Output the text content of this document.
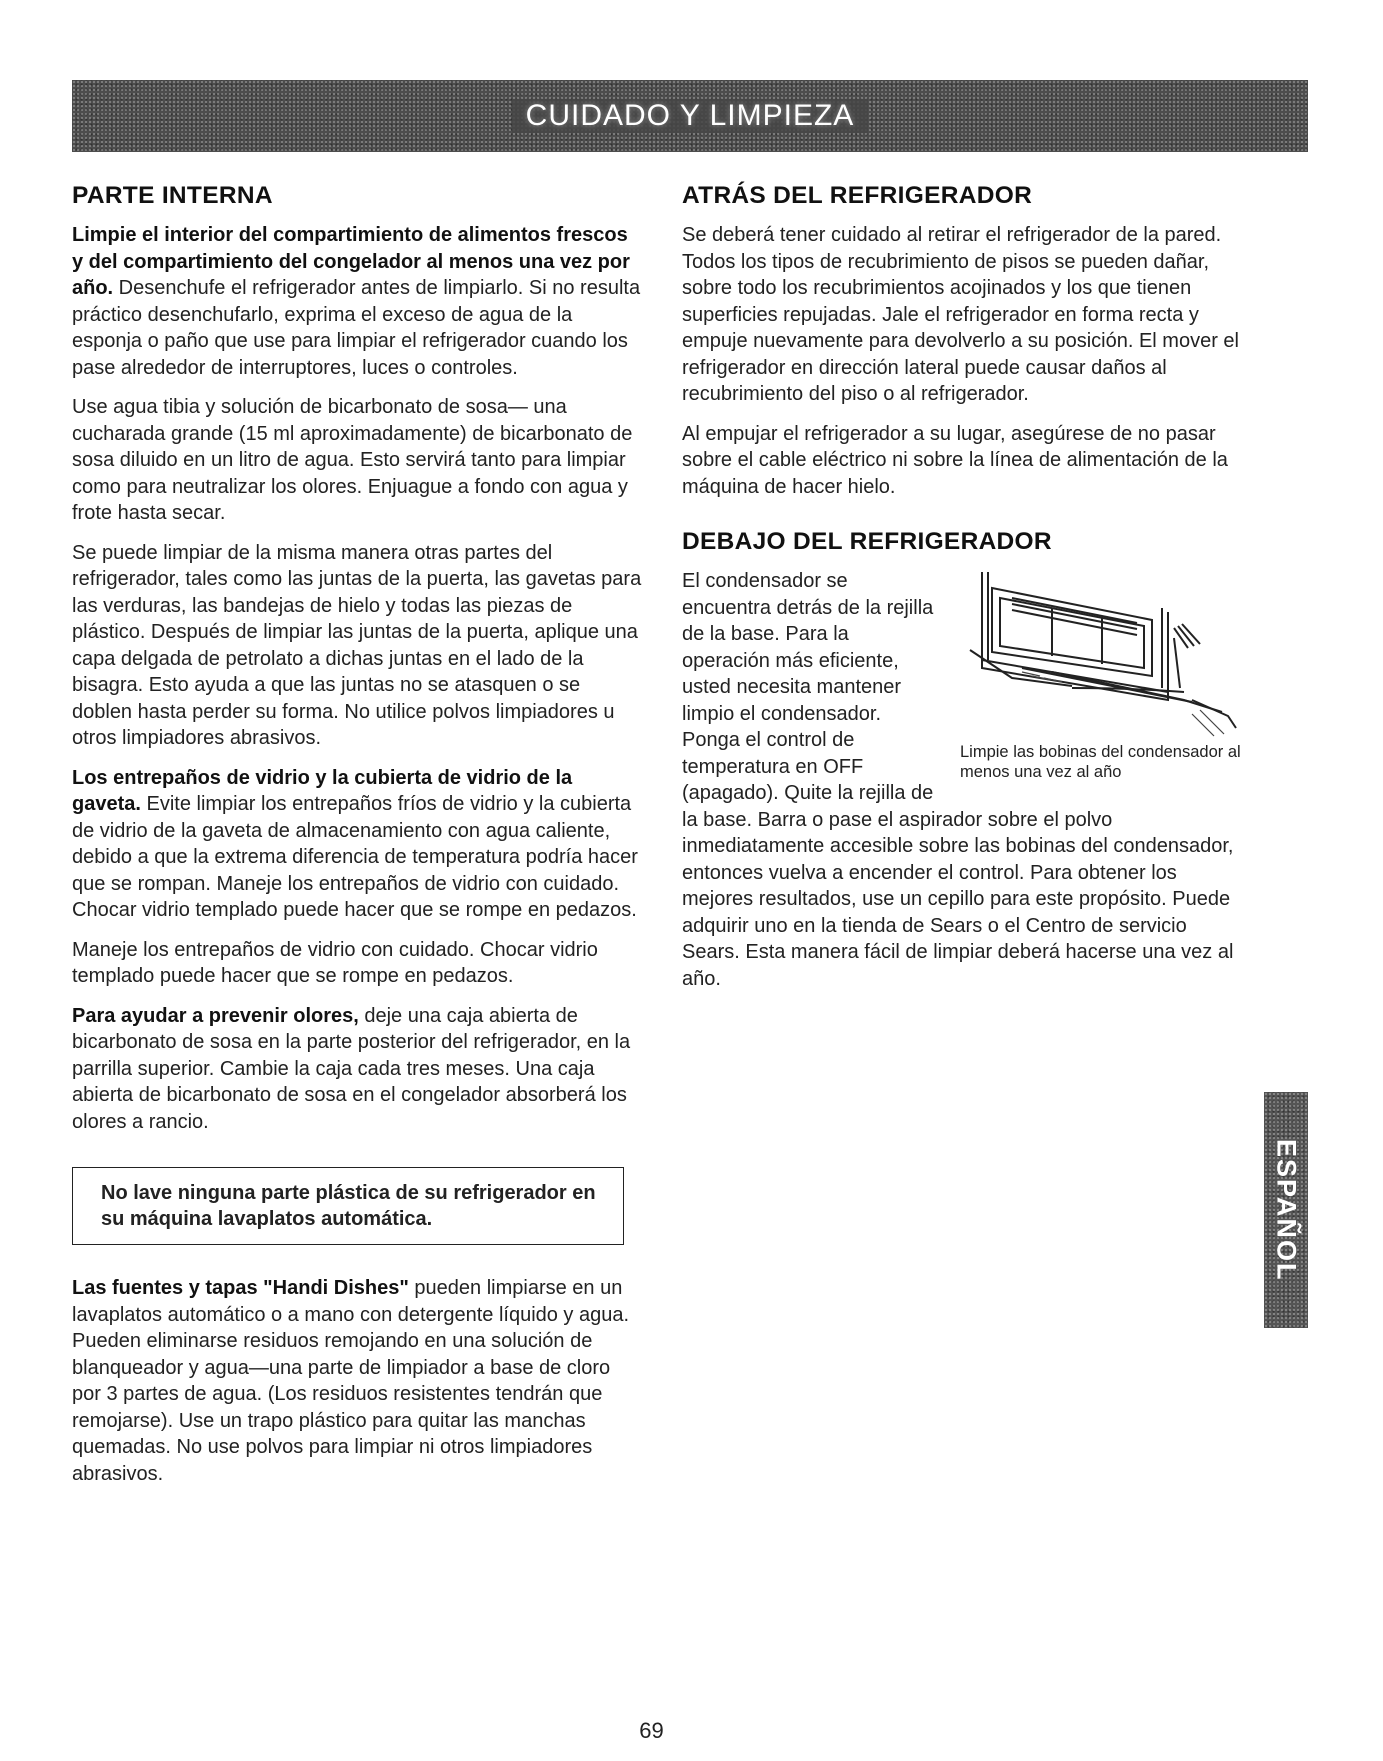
CUIDADO Y LIMPIEZA
PARTE INTERNA

Limpie el interior del compartimiento de alimentos frescos y del compartimiento del congelador al menos una vez por año. Desenchufe el refrigerador antes de limpiarlo. Si no resulta práctico desenchufarlo, exprima el exceso de agua de la esponja o paño que use para limpiar el refrigerador cuando los pase alrededor de interruptores, luces o controles.

Use agua tibia y solución de bicarbonato de sosa— una cucharada grande (15 ml aproximadamente) de bicarbonato de sosa diluido en un litro de agua. Esto servirá tanto para limpiar como para neutralizar los olores. Enjuague a fondo con agua y frote hasta secar.

Se puede limpiar de la misma manera otras partes del refrigerador, tales como las juntas de la puerta, las gavetas para las verduras, las bandejas de hielo y todas las piezas de plástico. Después de limpiar las juntas de la puerta, aplique una capa delgada de petrolato a dichas juntas en el lado de la bisagra. Esto ayuda a que las juntas no se atasquen o se doblen hasta perder su forma. No utilice polvos limpiadores u otros limpiadores abrasivos.

Los entrepaños de vidrio y la cubierta de vidrio de la gaveta. Evite limpiar los entrepaños fríos de vidrio y la cubierta de vidrio de la gaveta de almacenamiento con agua caliente, debido a que la extrema diferencia de temperatura podría hacer que se rompan. Maneje los entrepaños de vidrio con cuidado. Chocar vidrio templado puede hacer que se rompe en pedazos.

Maneje los entrepaños de vidrio con cuidado. Chocar vidrio templado puede hacer que se rompe en pedazos.

Para ayudar a prevenir olores, deje una caja abierta de bicarbonato de sosa en la parte posterior del refrigerador, en la parrilla superior. Cambie la caja cada tres meses. Una caja abierta de bicarbonato de sosa en el congelador absorberá los olores a rancio.

No lave ninguna parte plástica de su refrigerador en su máquina lavaplatos automática.

Las fuentes y tapas "Handi Dishes" pueden limpiarse en un lavaplatos automático o a mano con detergente líquido y agua. Pueden eliminarse residuos remojando en una solución de blanqueador y agua—una parte de limpiador a base de cloro por 3 partes de agua. (Los residuos resistentes tendrán que remojarse). Use un trapo plástico para quitar las manchas quemadas. No use polvos para limpiar ni otros limpiadores abrasivos.

ATRÁS DEL REFRIGERADOR

Se deberá tener cuidado al retirar el refrigerador de la pared. Todos los tipos de recubrimiento de pisos se pueden dañar, sobre todo los recubrimientos acojinados y los que tienen superficies repujadas. Jale el refrigerador en forma recta y empuje nuevamente para devolverlo a su posición. El mover el refrigerador en dirección lateral puede causar daños al recubrimiento del piso o al refrigerador.

Al empujar el refrigerador a su lugar, asegúrese de no pasar sobre el cable eléctrico ni sobre la línea de alimentación de la máquina de hacer hielo.

DEBAJO DEL REFRIGERADOR
Limpie las bobinas del condensador al menos una vez al año

El condensador se encuentra detrás de la rejilla de la base. Para la operación más eficiente, usted necesita mantener limpio el condensador. Ponga el control de temperatura en OFF (apagado). Quite la rejilla de la base. Barra o pase el aspirador sobre el polvo inmediatamente accesible sobre las bobinas del condensador, entonces vuelva a encender el control. Para obtener los mejores resultados, use un cepillo para este propósito. Puede adquirir uno en la tienda de Sears o el Centro de servicio Sears. Esta manera fácil de limpiar deberá hacerse una vez al año.

ESPAÑOL
69
